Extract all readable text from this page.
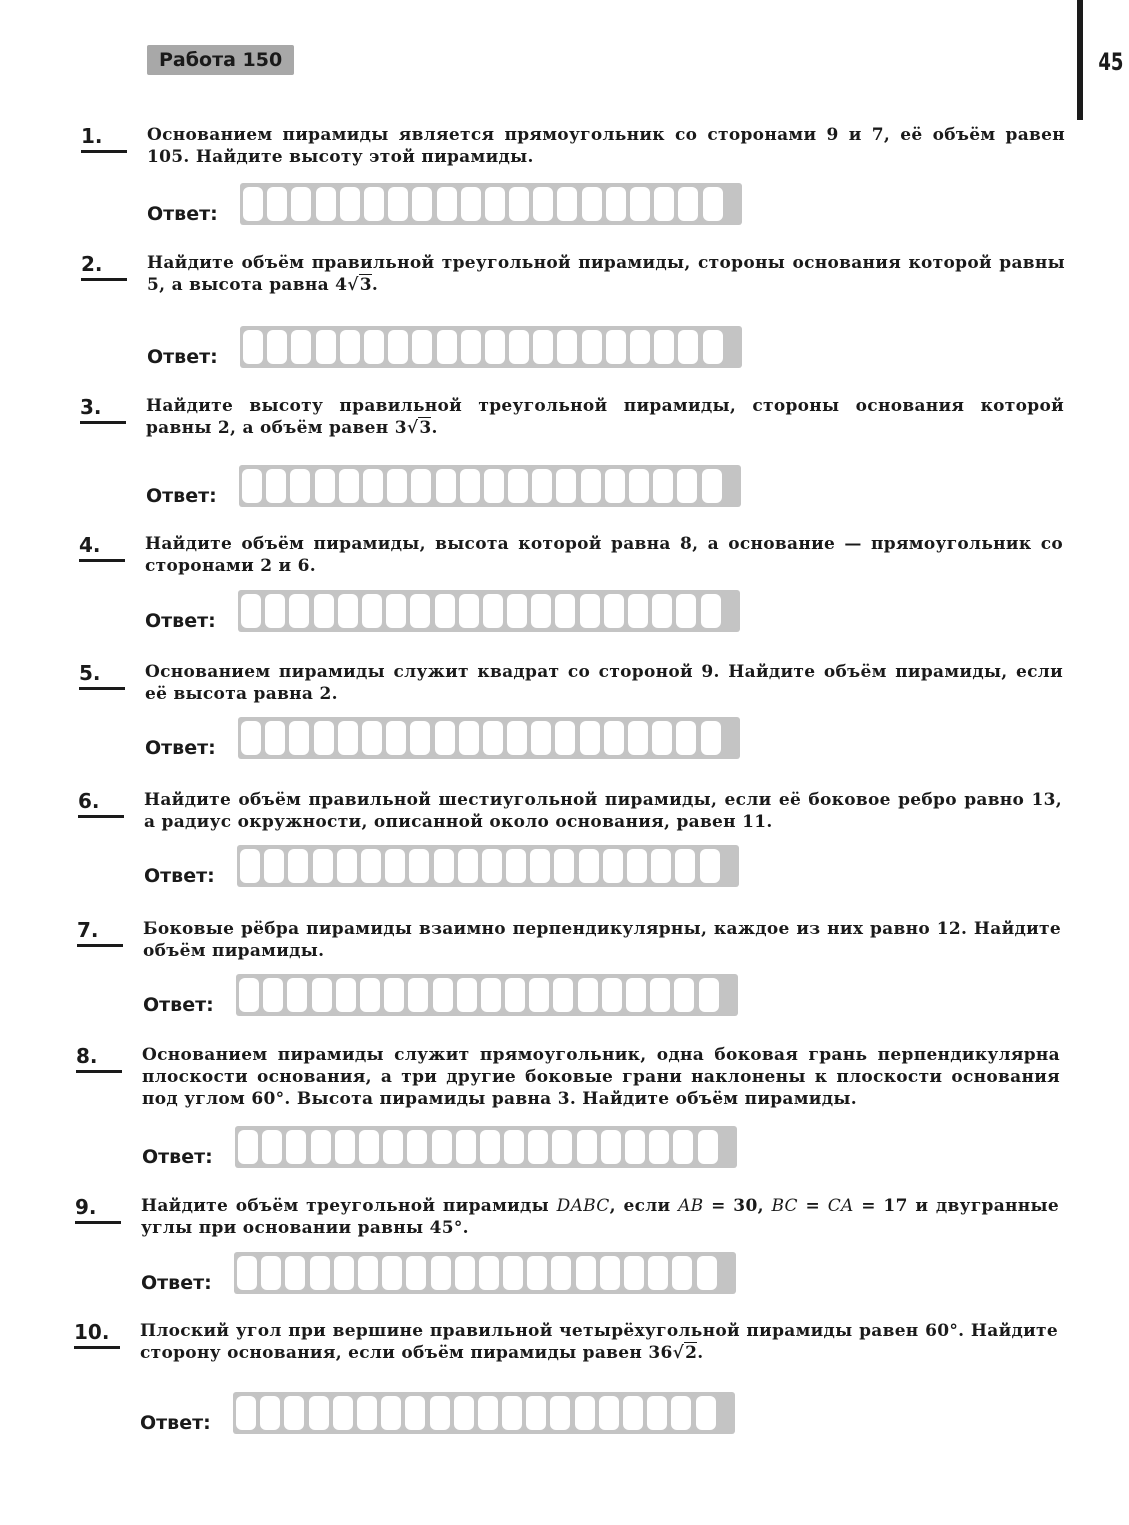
45
Работа 150
1.	Основанием пирамиды является прямоугольник со сторонами 9 и 7, её объём равен 105. Найдите высоту этой пирамиды.
Ответ:
2.	Найдите объём правильной треугольной пирамиды, стороны основания которой равны 5, а высота равна 4√3.
Ответ:
3.	Найдите высоту правильной треугольной пирамиды, стороны основания которой равны 2, а объём равен 3√3.
Ответ:
4.	Найдите объём пирамиды, высота которой равна 8, а основание — прямоугольник со сторонами 2 и 6.
Ответ:
5.	Основанием пирамиды служит квадрат со стороной 9. Найдите объём пирамиды, если её высота равна 2.
Ответ:
6.	Найдите объём правильной шестиугольной пирамиды, если её боковое ребро равно 13, а радиус окружности, описанной около основания, равен 11.
Ответ:
7.	Боковые рёбра пирамиды взаимно перпендикулярны, каждое из них равно 12. Найдите объём пирамиды.
Ответ:
8.	Основанием пирамиды служит прямоугольник, одна боковая грань перпендикулярна плоскости основания, а три другие боковые грани наклонены к плоскости основания под углом 60°. Высота пирамиды равна 3. Найдите объём пирамиды.
Ответ:
9.	Найдите объём треугольной пирамиды DABC, если AB = 30, BC = CA = 17 и двугранные углы при основании равны 45°.
Ответ:
10.	Плоский угол при вершине правильной четырёхугольной пирамиды равен 60°. Найдите сторону основания, если объём пирамиды равен 36√2.
Ответ:
